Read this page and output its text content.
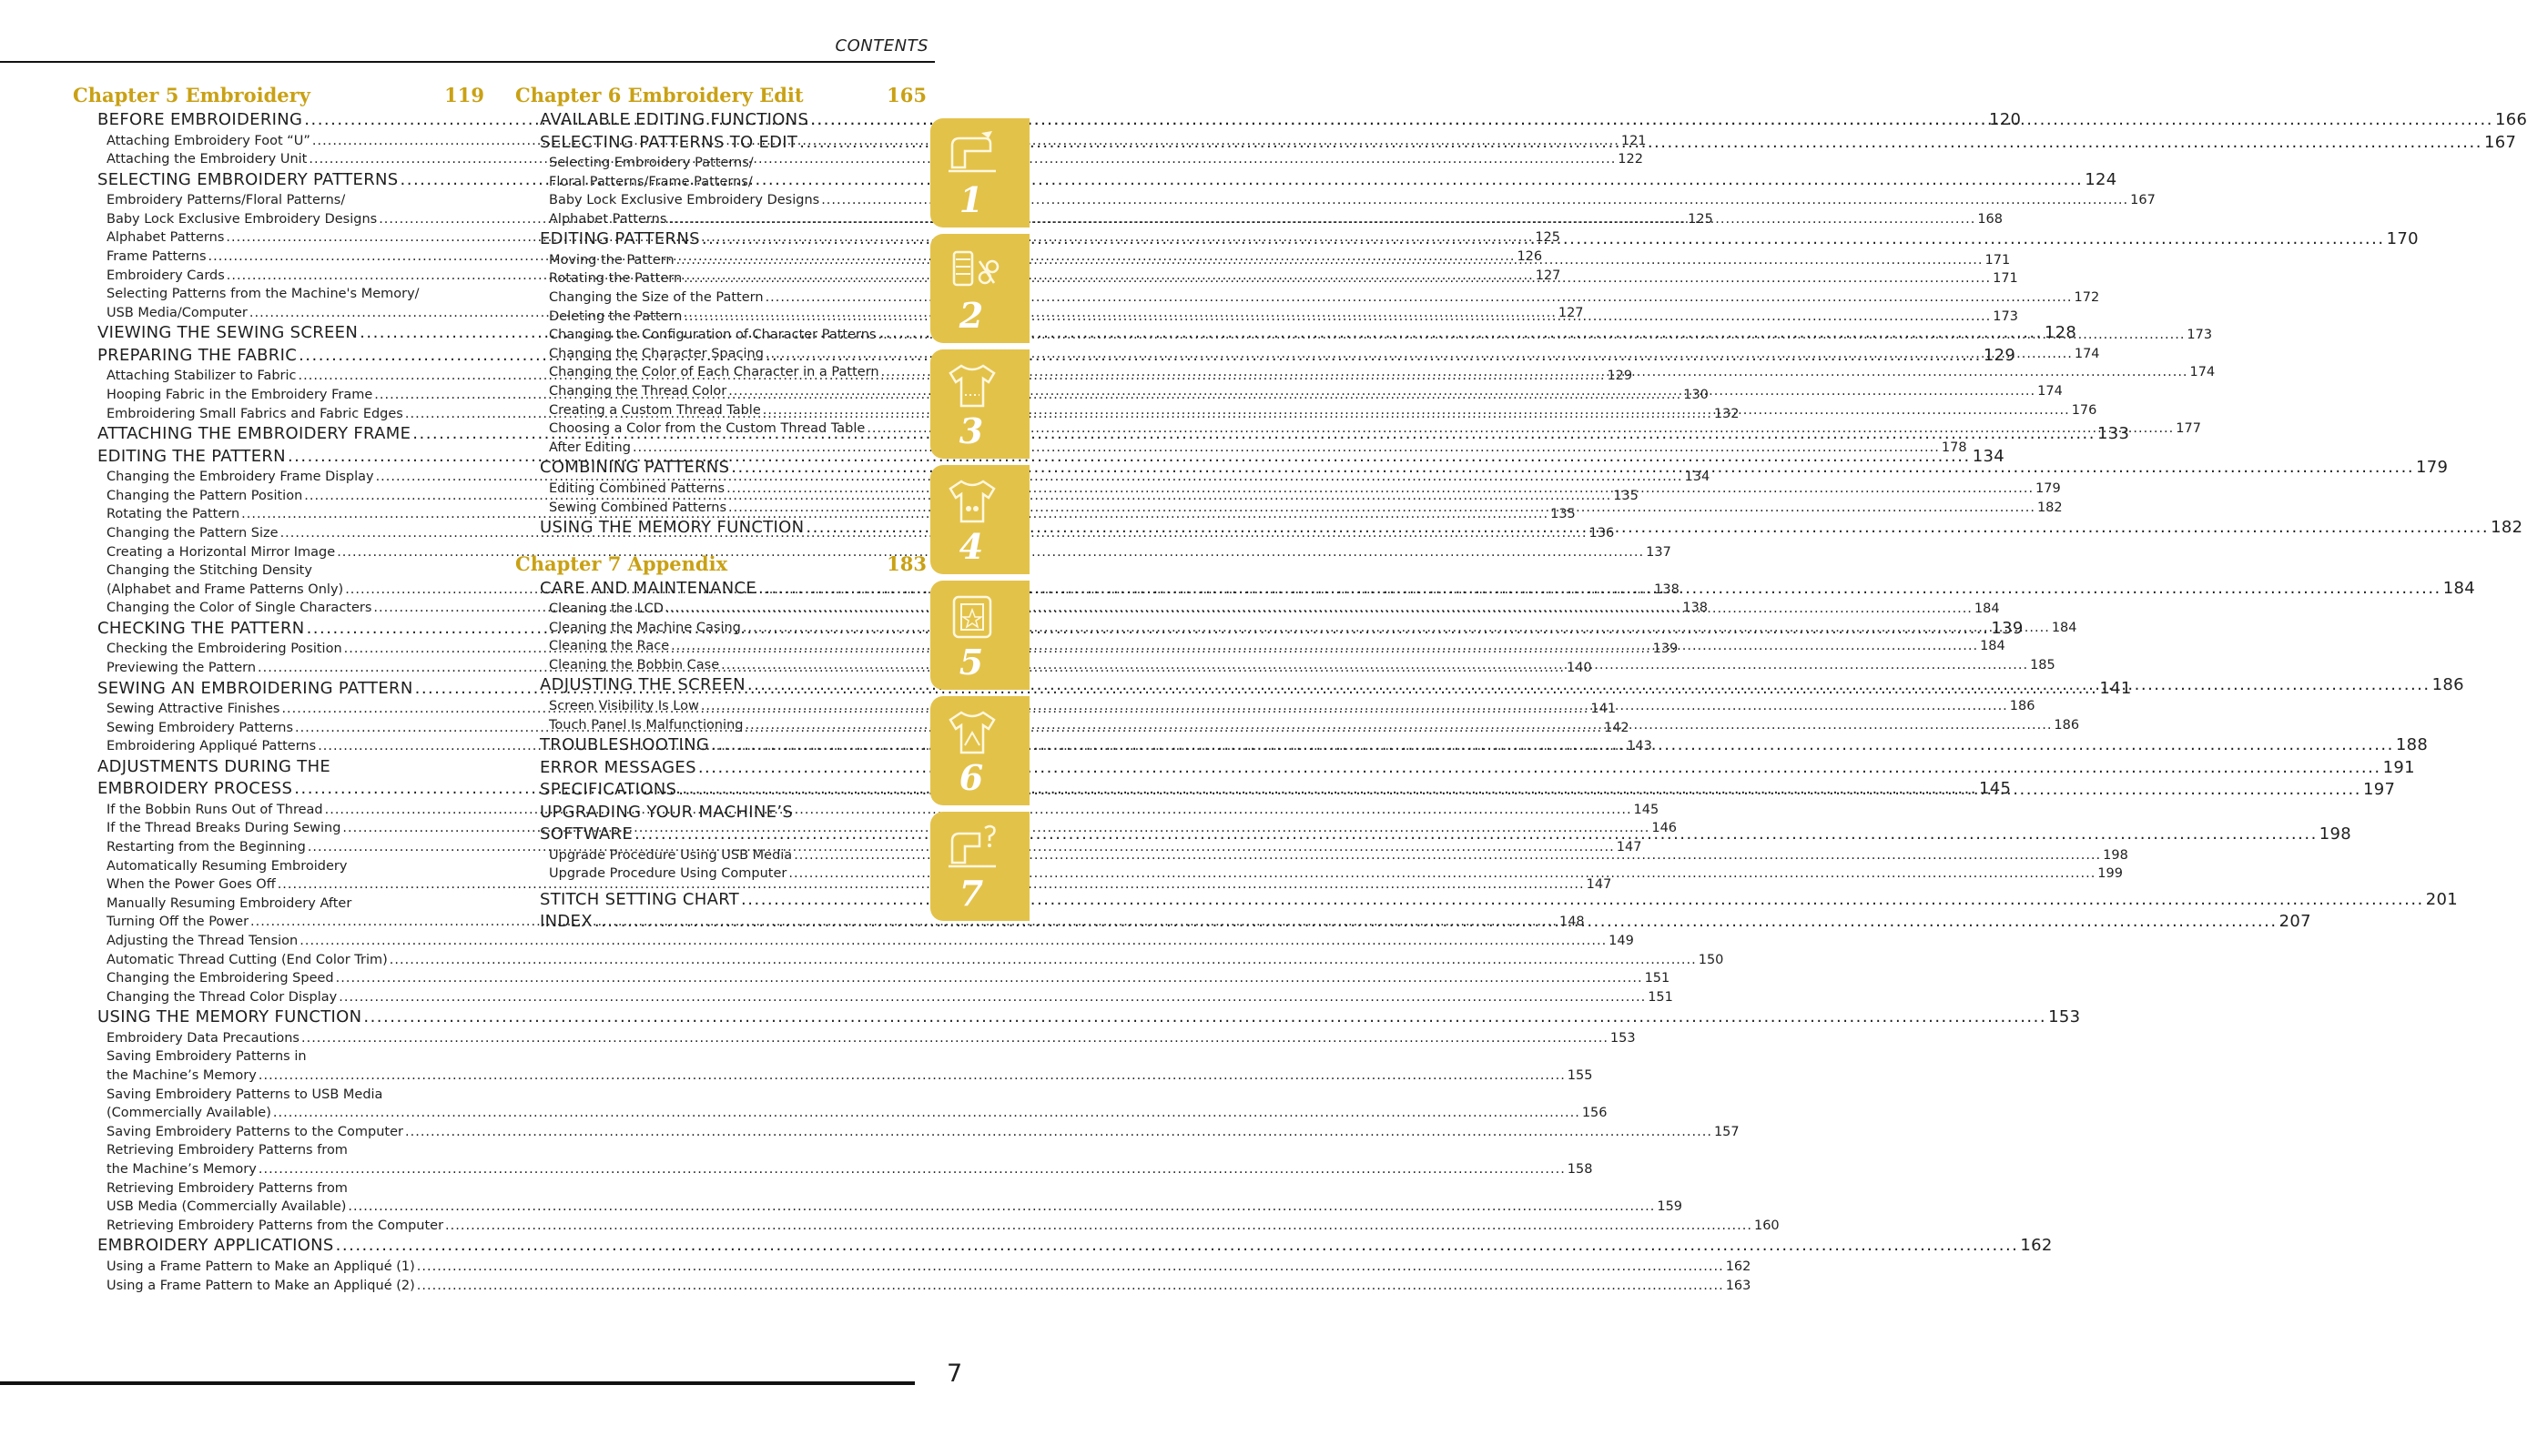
CONTENTS
Chapter 5 Embroidery	119
BEFORE EMBROIDERING .....	120
Attaching Embroidery Foot “U” .....	121
Attaching the Embroidery Unit .....	122
SELECTING EMBROIDERY PATTERNS .....	124
Embroidery Patterns/Floral Patterns/
Baby Lock Exclusive Embroidery Designs .....	125
Alphabet Patterns .....	125
Frame Patterns .....	126
Embroidery Cards .....	127
Selecting Patterns from the Machine's Memory/
USB Media/Computer .....	127
VIEWING THE SEWING SCREEN .....	128
PREPARING THE FABRIC .....	129
Attaching Stabilizer to Fabric .....	129
Hooping Fabric in the Embroidery Frame .....	130
Embroidering Small Fabrics and Fabric Edges .....	132
ATTACHING THE EMBROIDERY FRAME .....	133
EDITING THE PATTERN .....	134
Changing the Embroidery Frame Display .....	134
Changing the Pattern Position .....	135
Rotating the Pattern .....	135
Changing the Pattern Size .....	136
Creating a Horizontal Mirror Image .....	137
Changing the Stitching Density
(Alphabet and Frame Patterns Only) .....	138
Changing the Color of Single Characters .....	138
CHECKING THE PATTERN .....	139
Checking the Embroidering Position .....	139
Previewing the Pattern .....	140
SEWING AN EMBROIDERING PATTERN .....	141
Sewing Attractive Finishes .....	141
Sewing Embroidery Patterns .....	142
Embroidering Appliqué Patterns .....	143
ADJUSTMENTS DURING THE
EMBROIDERY PROCESS .....	145
If the Bobbin Runs Out of Thread .....	145
If the Thread Breaks During Sewing .....	146
Restarting from the Beginning .....	147
Automatically Resuming Embroidery
When the Power Goes Off .....	147
Manually Resuming Embroidery After
Turning Off the Power .....	148
Adjusting the Thread Tension .....	149
Automatic Thread Cutting (End Color Trim) .....	150
Changing the Embroidering Speed .....	151
Changing the Thread Color Display .....	151
USING THE MEMORY FUNCTION .....	153
Embroidery Data Precautions .....	153
Saving Embroidery Patterns in
the Machine’s Memory .....	155
Saving Embroidery Patterns to USB Media
(Commercially Available) .....	156
Saving Embroidery Patterns to the Computer .....	157
Retrieving Embroidery Patterns from
the Machine’s Memory .....	158
Retrieving Embroidery Patterns from
USB Media (Commercially Available) .....	159
Retrieving Embroidery Patterns from the Computer .....	160
EMBROIDERY APPLICATIONS .....	162
Using a Frame Pattern to Make an Appliqué (1) .....	162
Using a Frame Pattern to Make an Appliqué (2) .....	163
Chapter 6 Embroidery Edit	165
AVAILABLE EDITING FUNCTIONS .....	166
SELECTING PATTERNS TO EDIT .....	167
Selecting Embroidery Patterns/
Floral Patterns/Frame Patterns/
Baby Lock Exclusive Embroidery Designs .....	167
Alphabet Patterns .....	168
EDITING PATTERNS .....	170
Moving the Pattern .....	171
Rotating the Pattern .....	171
Changing the Size of the Pattern .....	172
Deleting the Pattern .....	173
Changing the Configuration of Character Patterns .....	173
Changing the Character Spacing .....	174
Changing the Color of Each Character in a Pattern .....	174
Changing the Thread Color .....	174
Creating a Custom Thread Table .....	176
Choosing a Color from the Custom Thread Table .....	177
After Editing .....	178
COMBINING PATTERNS .....	179
Editing Combined Patterns .....	179
Sewing Combined Patterns .....	182
USING THE MEMORY FUNCTION .....	182
Chapter 7 Appendix	183
CARE AND MAINTENANCE .....	184
Cleaning the LCD .....	184
Cleaning the Machine Casing .....	184
Cleaning the Race .....	184
Cleaning the Bobbin Case .....	185
ADJUSTING THE SCREEN .....	186
Screen Visibility Is Low .....	186
Touch Panel Is Malfunctioning .....	186
TROUBLESHOOTING .....	188
ERROR MESSAGES .....	191
SPECIFICATIONS .....	197
UPGRADING YOUR MACHINE’S
SOFTWARE .....	198
Upgrade Procedure Using USB Media .....	198
Upgrade Procedure Using Computer .....	199
STITCH SETTING CHART .....	201
INDEX .....	207
1
2
3
4
5
6
7
7
